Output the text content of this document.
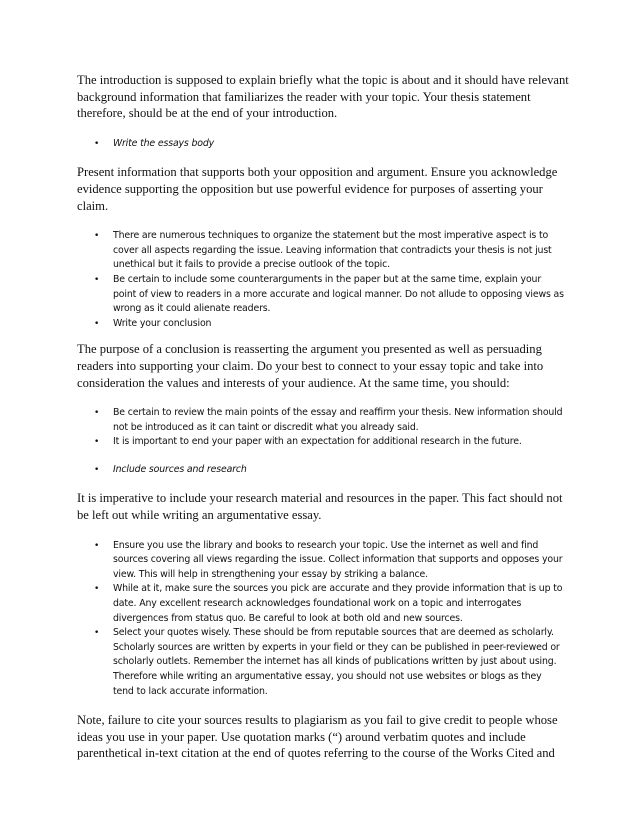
The introduction is supposed to explain briefly what the topic is about and it should have relevant background information that familiarizes the reader with your topic. Your thesis statement therefore, should be at the end of your introduction.

• Write the essays body

Present information that supports both your opposition and argument. Ensure you acknowledge evidence supporting the opposition but use powerful evidence for purposes of asserting your claim.

• There are numerous techniques to organize the statement but the most imperative aspect is to cover all aspects regarding the issue. Leaving information that contradicts your thesis is not just unethical but it fails to provide a precise outlook of the topic.
• Be certain to include some counterarguments in the paper but at the same time, explain your point of view to readers in a more accurate and logical manner. Do not allude to opposing views as wrong as it could alienate readers.
• Write your conclusion

The purpose of a conclusion is reasserting the argument you presented as well as persuading readers into supporting your claim. Do your best to connect to your essay topic and take into consideration the values and interests of your audience. At the same time, you should:

• Be certain to review the main points of the essay and reaffirm your thesis. New information should not be introduced as it can taint or discredit what you already said.
• It is important to end your paper with an expectation for additional research in the future.
• Include sources and research

It is imperative to include your research material and resources in the paper. This fact should not be left out while writing an argumentative essay.

• Ensure you use the library and books to research your topic. Use the internet as well and find sources covering all views regarding the issue. Collect information that supports and opposes your view. This will help in strengthening your essay by striking a balance.
• While at it, make sure the sources you pick are accurate and they provide information that is up to date. Any excellent research acknowledges foundational work on a topic and interrogates divergences from status quo. Be careful to look at both old and new sources.
• Select your quotes wisely. These should be from reputable sources that are deemed as scholarly. Scholarly sources are written by experts in your field or they can be published in peer-reviewed or scholarly outlets. Remember the internet has all kinds of publications written by just about using. Therefore while writing an argumentative essay, you should not use websites or blogs as they tend to lack accurate information.

Note, failure to cite your sources results to plagiarism as you fail to give credit to people whose ideas you use in your paper. Use quotation marks (“) around verbatim quotes and include parenthetical in-text citation at the end of quotes referring to the course of the Works Cited and
